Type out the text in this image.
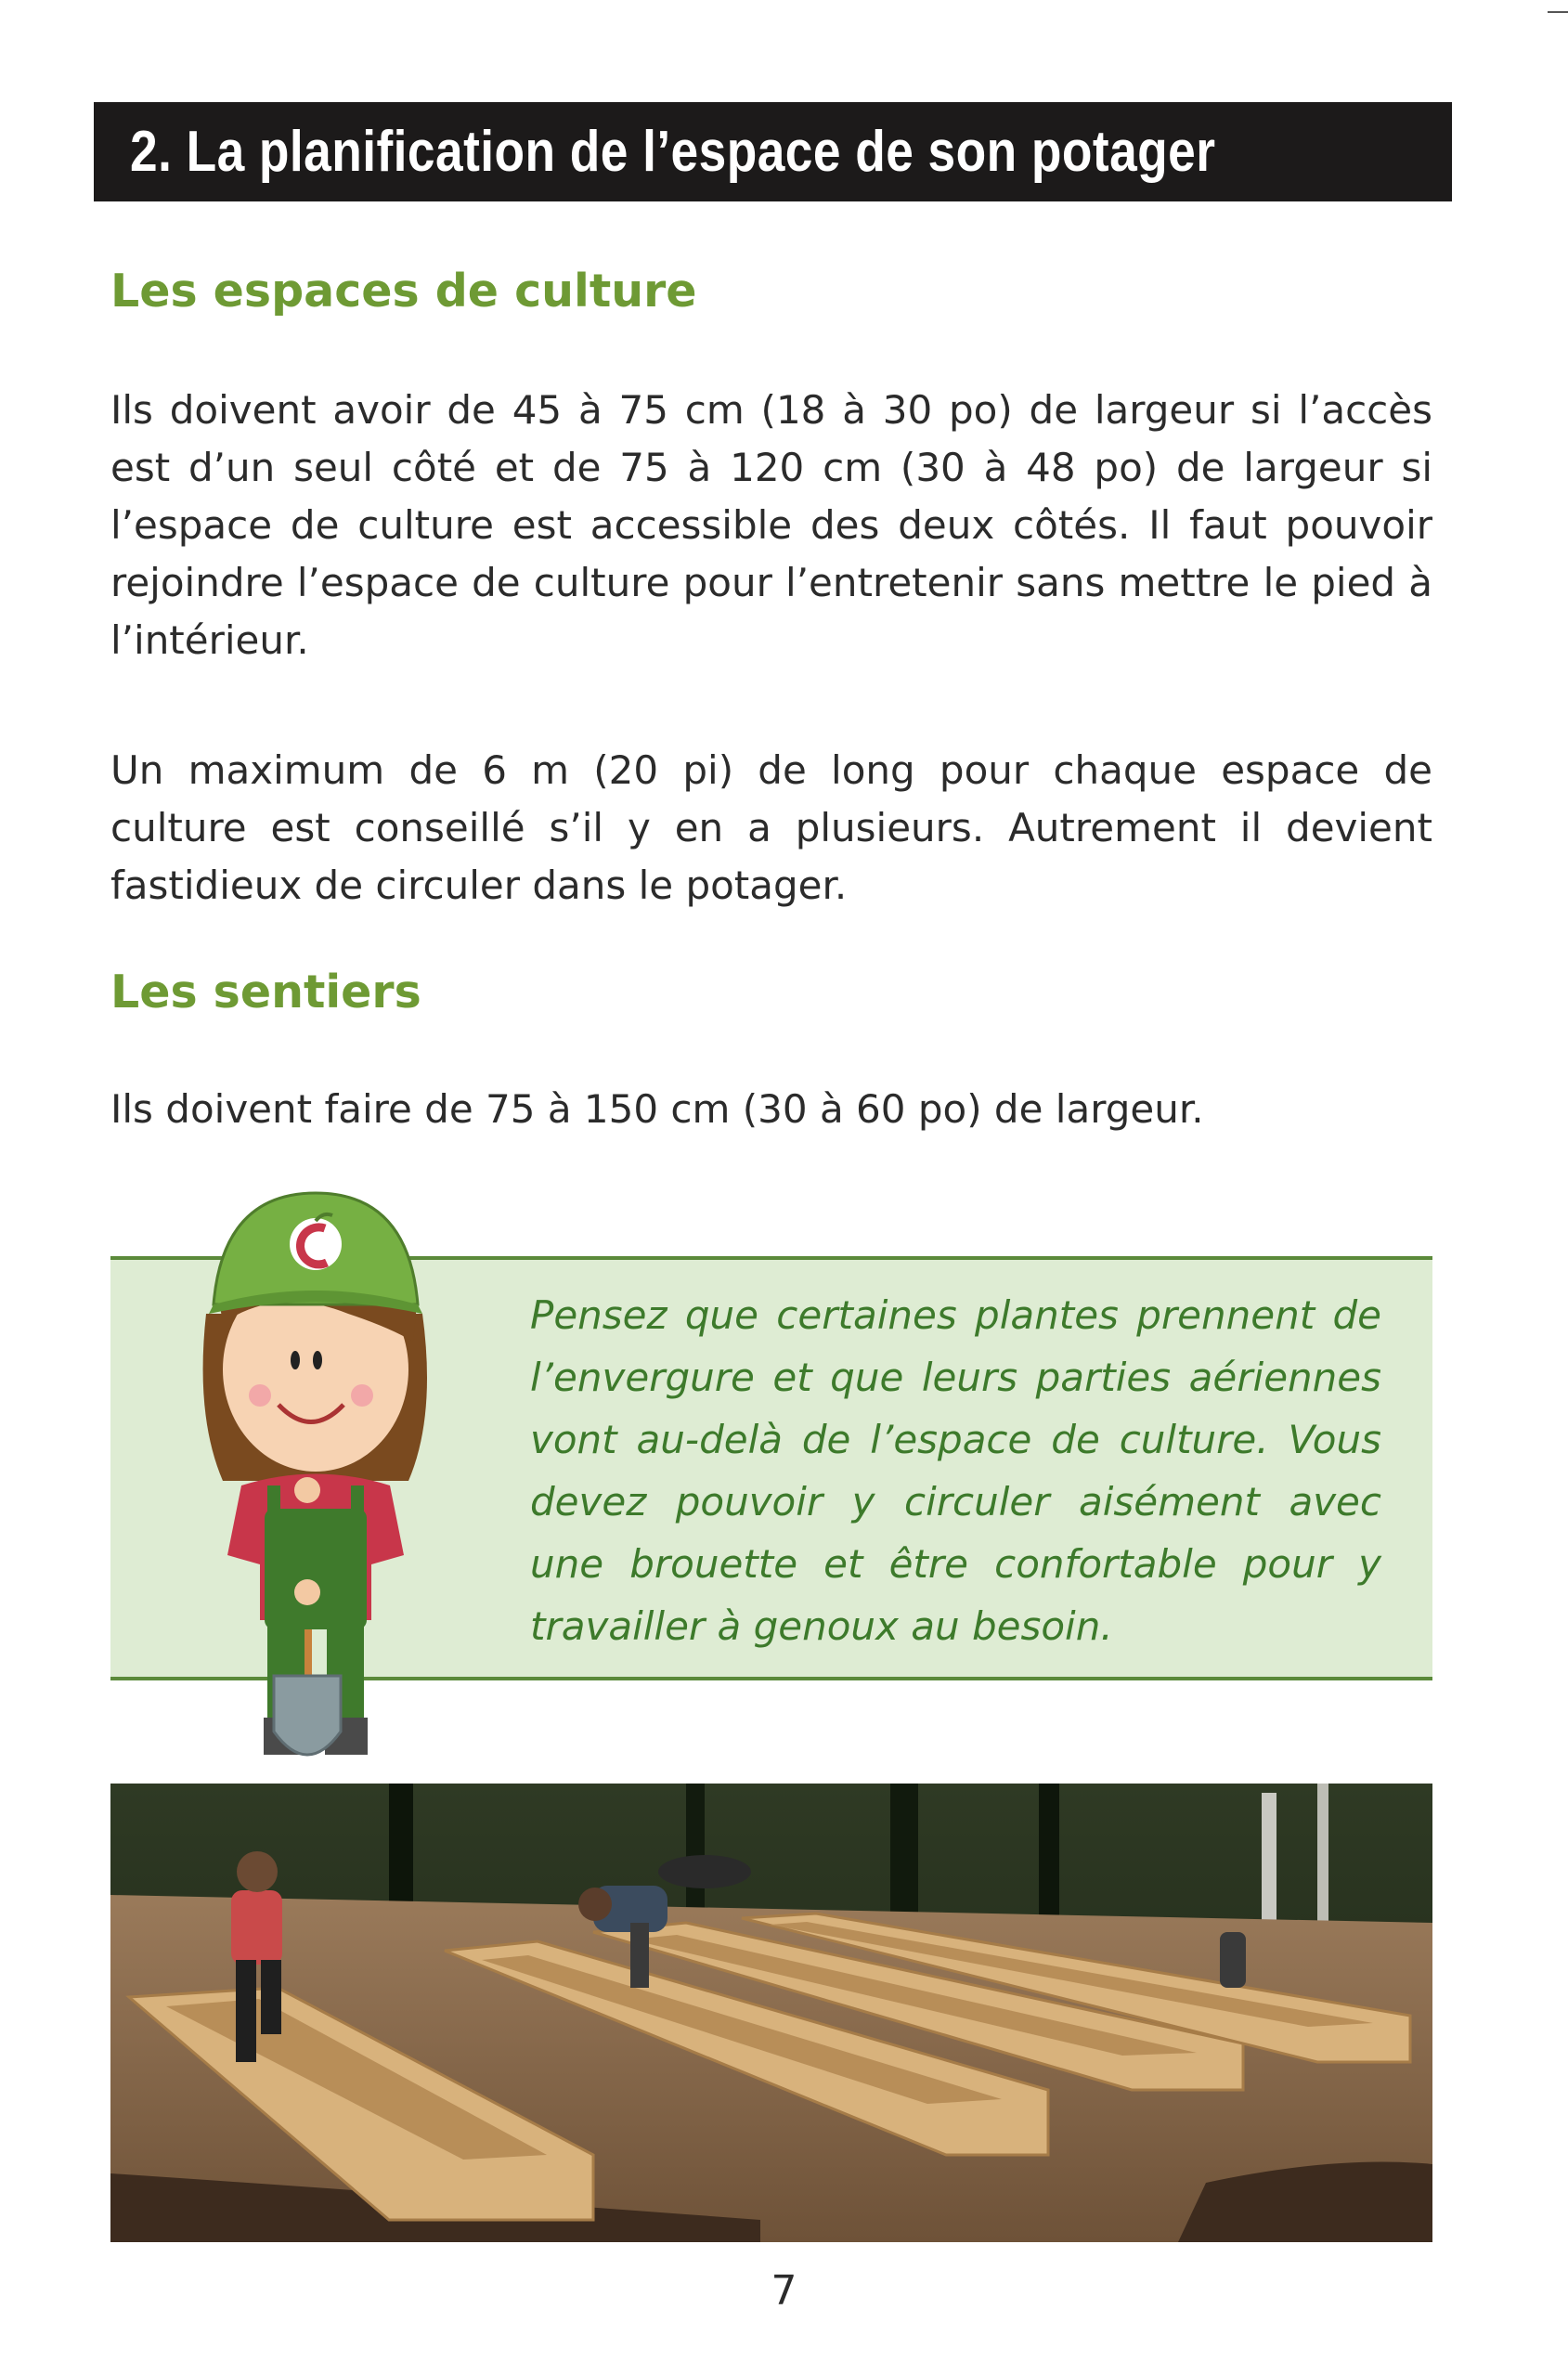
2. La planification de l’espace de son potager
Les espaces de culture

Ils doivent avoir de 45 à 75 cm (18 à 30 po) de largeur si l’accès est d’un seul côté et de 75 à 120 cm (30 à 48 po) de largeur si l’espace de culture est accessible des deux côtés. Il faut pouvoir rejoindre l’espace de culture pour l’entretenir sans mettre le pied à l’intérieur.

Un maximum de 6 m (20 pi) de long pour chaque espace de culture est conseillé s’il y en a plusieurs. Autrement il devient fastidieux de circuler dans le potager.

Les sentiers

Ils doivent faire de 75 à 150 cm (30 à 60 po) de largeur.

Pensez que certaines plantes prennent de l’envergure et que leurs parties aériennes vont au-delà de l’espace de culture. Vous devez pouvoir y circuler aisément avec une brouette et être confortable pour y travailler à genoux au besoin.

7
